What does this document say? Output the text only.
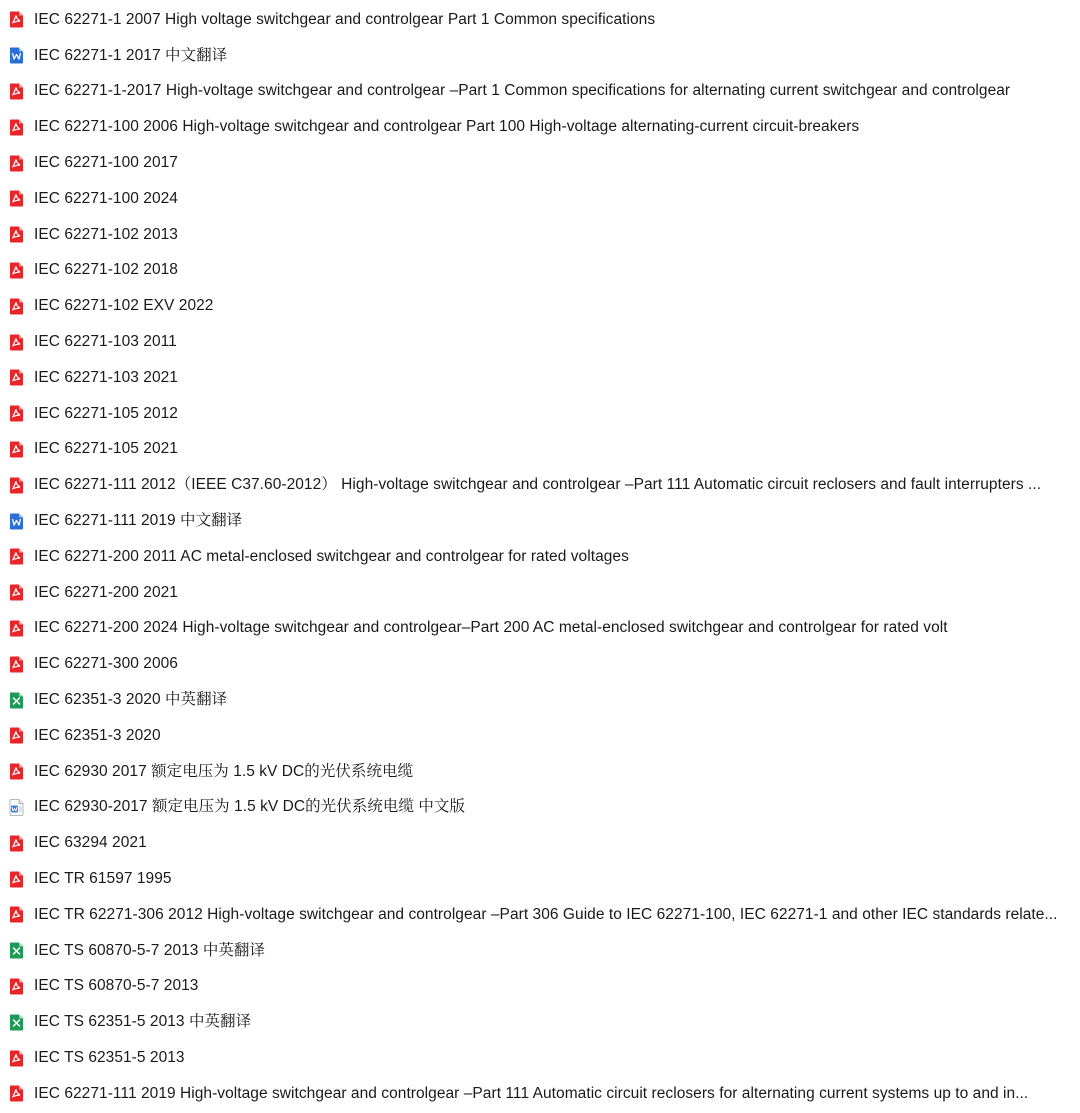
IEC 62271-1 2007 High voltage switchgear and controlgear Part 1 Common specifications
IEC 62271-1 2017 中文翻译
IEC 62271-1-2017 High-voltage switchgear and controlgear –Part 1 Common specifications for alternating current switchgear and controlgear
IEC 62271-100 2006 High-voltage switchgear and controlgear Part 100 High-voltage alternating-current circuit-breakers
IEC 62271-100 2017
IEC 62271-100 2024
IEC 62271-102 2013
IEC 62271-102 2018
IEC 62271-102 EXV 2022
IEC 62271-103 2011
IEC 62271-103 2021
IEC 62271-105 2012
IEC 62271-105 2021
IEC 62271-111 2012（IEEE C37.60-2012） High-voltage switchgear and controlgear –Part 111 Automatic circuit reclosers and fault interrupters ...
IEC 62271-111 2019 中文翻译
IEC 62271-200 2011 AC metal-enclosed switchgear and controlgear for rated voltages
IEC 62271-200 2021
IEC 62271-200 2024 High-voltage switchgear and controlgear–Part 200 AC metal-enclosed switchgear and controlgear for rated volt
IEC 62271-300 2006
IEC 62351-3 2020 中英翻译
IEC 62351-3 2020
IEC 62930 2017 额定电压为 1.5 kV DC的光伏系统电缆
IEC 62930-2017 额定电压为 1.5 kV DC的光伏系统电缆 中文版
IEC 63294 2021
IEC TR 61597 1995
IEC TR 62271-306 2012 High-voltage switchgear and controlgear –Part 306 Guide to IEC 62271-100, IEC 62271-1 and other IEC standards relate...
IEC TS 60870-5-7 2013 中英翻译
IEC TS 60870-5-7 2013
IEC TS 62351-5 2013 中英翻译
IEC TS 62351-5 2013
IEC 62271-111 2019 High-voltage switchgear and controlgear –Part 111 Automatic circuit reclosers for alternating current systems up to and in...
